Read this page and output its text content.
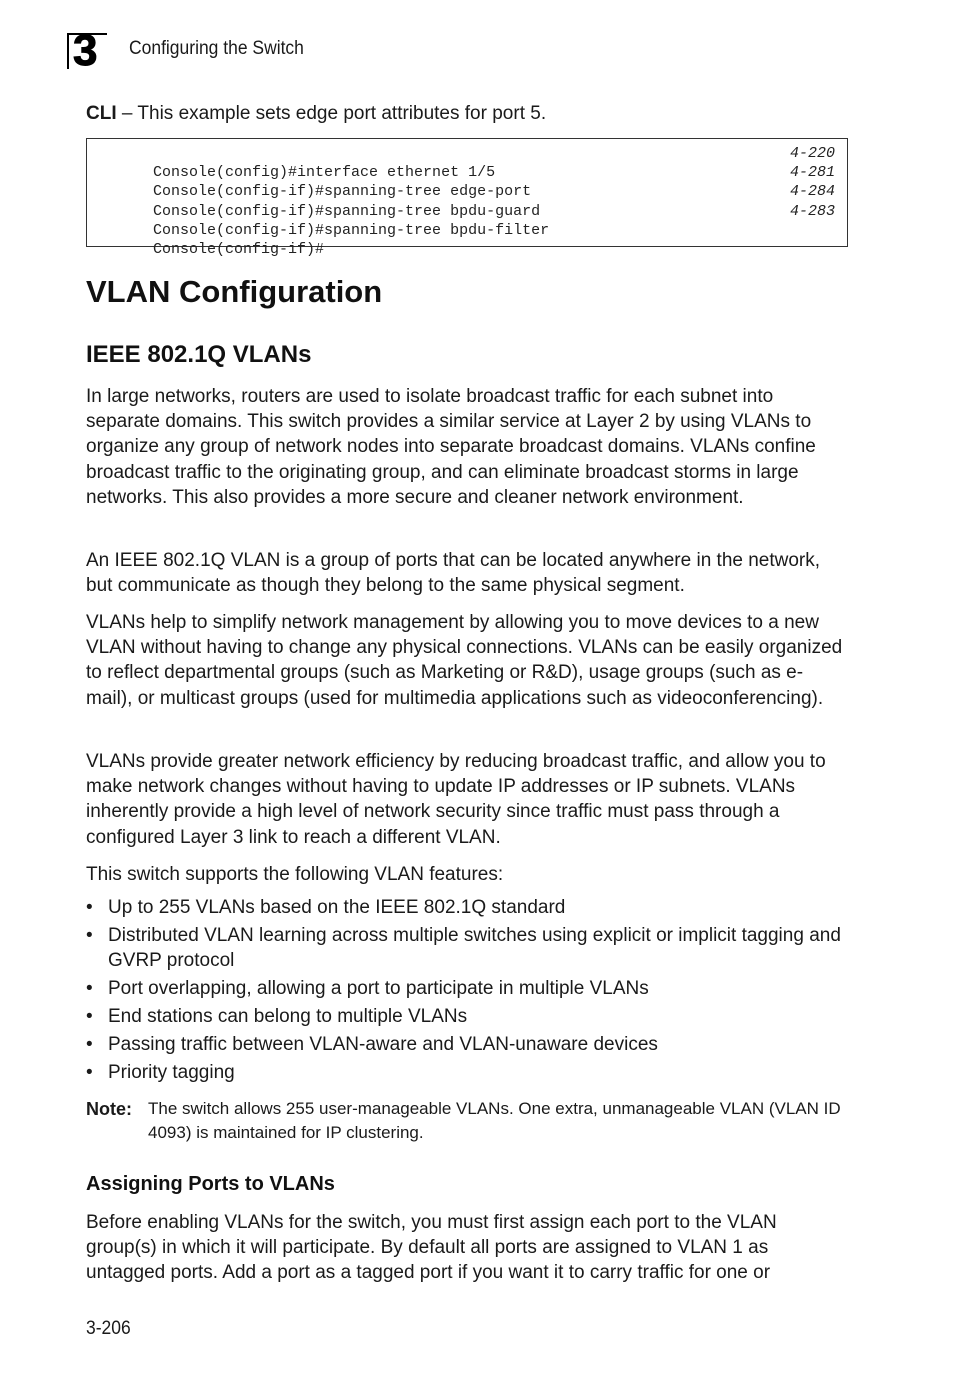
3 Configuring the Switch

CLI – This example sets edge port attributes for port 5.

Console(config)#interface ethernet 1/5

4-220

Console(config-if)#spanning-tree edge-port

4-281

Console(config-if)#spanning-tree bpdu-guard

4-284

Console(config-if)#spanning-tree bpdu-filter

4-283

Console(config-if)#

VLAN Configuration
IEEE 802.1Q VLANs

In large networks, routers are used to isolate broadcast traffic for each subnet into separate domains. This switch provides a similar service at Layer 2 by using VLANs to organize any group of network nodes into separate broadcast domains. VLANs confine broadcast traffic to the originating group, and can eliminate broadcast storms in large networks. This also provides a more secure and cleaner network environment.

An IEEE 802.1Q VLAN is a group of ports that can be located anywhere in the network, but communicate as though they belong to the same physical segment.

VLANs help to simplify network management by allowing you to move devices to a new VLAN without having to change any physical connections. VLANs can be easily organized to reflect departmental groups (such as Marketing or R&D), usage groups (such as e-mail), or multicast groups (used for multimedia applications such as videoconferencing).

VLANs provide greater network efficiency by reducing broadcast traffic, and allow you to make network changes without having to update IP addresses or IP subnets. VLANs inherently provide a high level of network security since traffic must pass through a configured Layer 3 link to reach a different VLAN.

This switch supports the following VLAN features:

• Up to 255 VLANs based on the IEEE 802.1Q standard
• Distributed VLAN learning across multiple switches using explicit or implicit tagging and GVRP protocol
• Port overlapping, allowing a port to participate in multiple VLANs
• End stations can belong to multiple VLANs
• Passing traffic between VLAN-aware and VLAN-unaware devices
• Priority tagging
Note: The switch allows 255 user-manageable VLANs. One extra, unmanageable VLAN (VLAN ID 4093) is maintained for IP clustering.
Assigning Ports to VLANs

Before enabling VLANs for the switch, you must first assign each port to the VLAN group(s) in which it will participate. By default all ports are assigned to VLAN 1 as untagged ports. Add a port as a tagged port if you want it to carry traffic for one or

3-206
